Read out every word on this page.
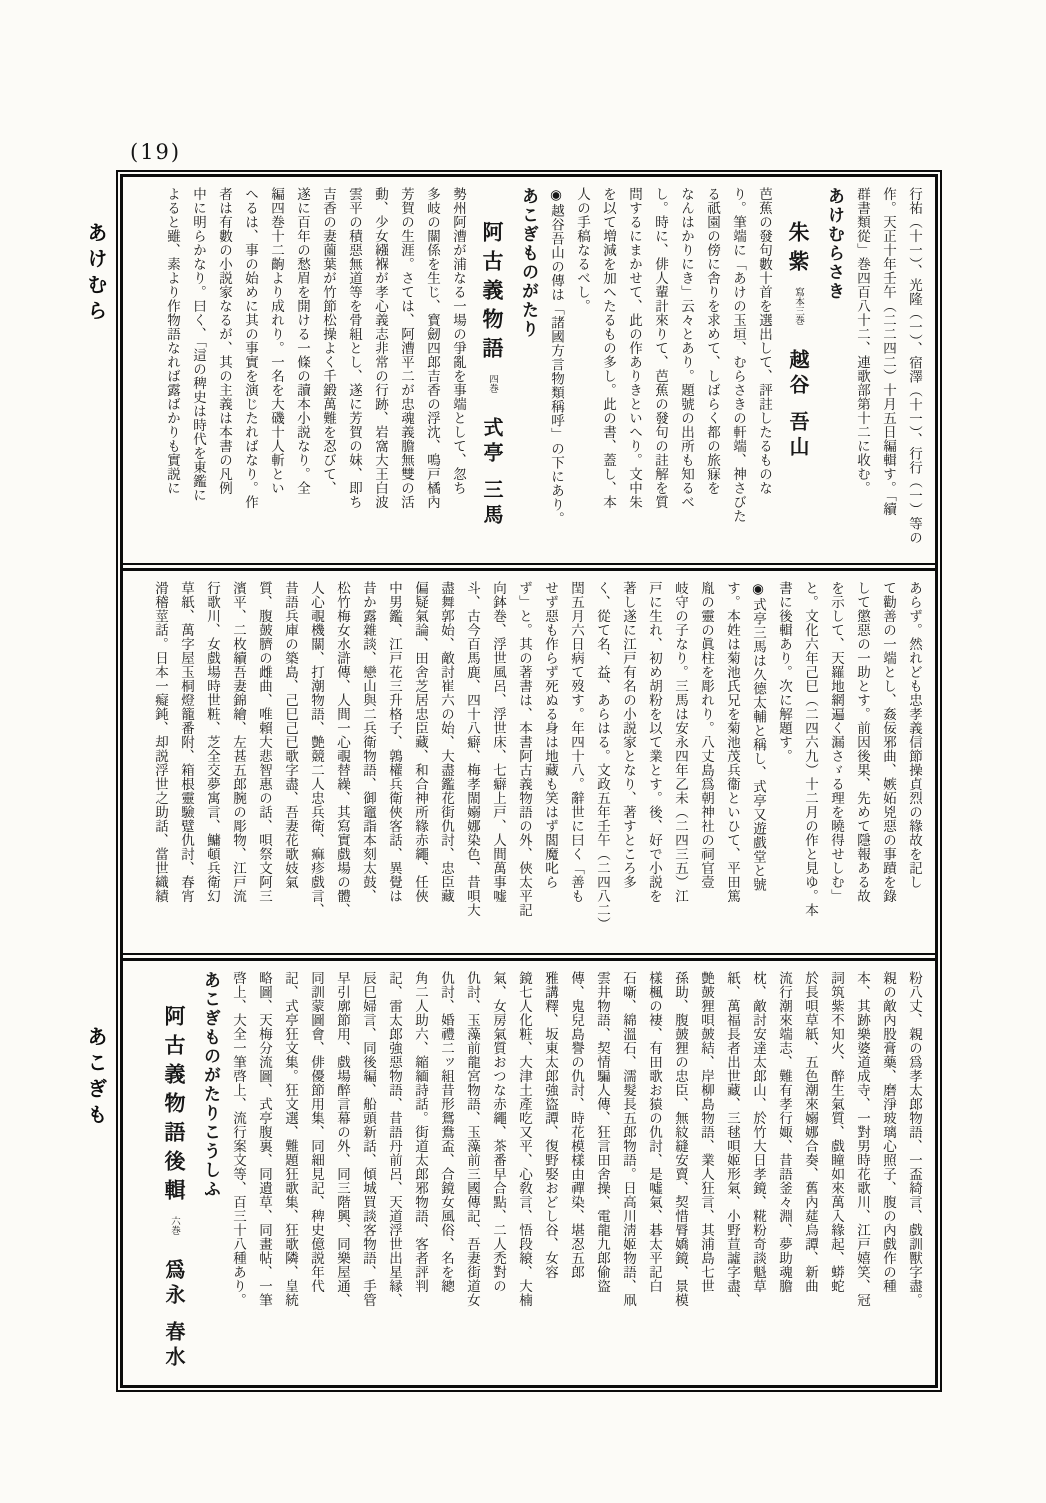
(19)
あけむら
あこぎも
行祐（十一）、光隆（一）、宿澤（十一）、行行（一）等の
作。天正十年壬午（二二四二）十月五日編輯す。「續
群書類從」巻四百八十二、連歌部第十二に收む。
あけむらさき
朱紫寫本三巻越谷 吾山
芭蕉の發句數十首を選出して、評註したるものな
り。筆端に「あけの玉垣、むらさきの軒端、神さびた
る祇園の傍に舎りを求めて、しばらく都の旅寐を
なんはかりにき」云々とあり。題號の出所も知るべ
し。時に、俳人輩計來りて、芭蕉の發句の註解を質
問するにまかせて、此の作ありきといへり。文中朱
を以て増減を加へたるもの多し。此の書、蓋し、本
人の手稿なるべし。
◉越谷吾山の傳は「諸國方言物類稱呼」の下にあり。
あこぎものがたり
阿古義物語四巻式亭 三馬
勢州阿漕が浦なる一場の爭亂を事端として、忽ち
多岐の關係を生じ、寳劒四郎吉香の浮沈、鳴戸橘內
芳賀の生涯。さては、阿漕平二が忠魂義膽無雙の活
動、少女繦褓が孝心義志非常の行跡、岩窩大王白波
雲平の積惡無道等を骨組とし、遂に芳賀の妹、即ち
吉香の妻薗葉が竹節松操よく千鍛萬難を忍びて、
遂に百年の愁眉を開ける一條の讀本小説なり。全
編四巻十二齣より成れり。一名を大磯十人斬とい
へるは、事の始めに其の事實を演じたればなり。作
者は有數の小説家なるが、其の主義は本書の凡例
中に明らかなり。曰く、「這の稗史は時代を東鑑に
よると雖、素より作物語なれば露ばかりも實説に
あらず。然れども忠孝義信節操貞烈の緣故を記し
て勸善の一端とし、姦佞邪曲、嫉妬兇惡の事蹟を錄
して懲惡の一助とす。前因後果、先めて隱報ある故
を示して、天羅地網遍く漏さゞる理を曉得せしむ」
と。文化六年己巳（二四六九）十二月の作と見ゆ。本
書に後輯あり。次に解題す。
◉式亭三馬は久德太輔と稱し、式亭又遊戲堂と號
す。本姓は菊池氏兄を菊池茂兵衞といひて、平田篤
胤の靈の眞柱を彫れり。八丈島爲朝神社の祠官壹
岐守の子なり。三馬は安永四年乙未（二四三五）江
戸に生れ、初め胡粉を以て業とす。後、好で小説を
著し遂に江戸有名の小説家となり、著すところ多
く、從て名、益、あらはる。文政五年壬午（二四八二）
閏五月六日病て歿す。年四十八。辭世に曰く「善も
せず惡も作らず死ぬる身は地藏も笑はず閻魔叱ら
ず」と。其の著書は、本書阿古義物語の外、俠太平記
向鉢巻、浮世風呂、浮世床、七癖上戸、人間萬事嘘
斗、古今百馬鹿、四十八癖、梅孝閙嫋娜染色、昔唄大
盡舞郭始、敵討崔六の始、大盡鑑花街仇討、忠臣藏
偏疑氣論、田舍芝居忠臣藏、和合神所緣赤繩、任俠
中男鑑、江戸花三升格子、鶉權兵衛俠客話、異覺は
昔か露雜談、戀山與二兵衛物語、御竈詣本刻太鼓、
松竹梅女水滸傳、人間一心覗替繰、其寫實戲場の體、
人心覗機關、打潮物語、艶競二人忠兵衛、痲疹戲言、
昔語兵庫の築島、己巳己已歌字盡、吾妻花歌妓氣
質、腹皷臍の雌曲、唯賴大悲智惠の話、唄祭文阿三
濱平、二枚續吾妻錦繪、左甚五郎腕の彫物、江戸流
行歌川、女戲場時世粧、芝全交夢寓言、鱅頓兵衛幻
草紙、萬字屋玉桐燈籠番附、箱根靈驗躄仇討、春宵
滑稽莖話。日本一癡鈍、却説浮世之助話、當世織績
粉八丈、親の爲孝太郎物語、一盃綺言、戲訓獸字盡。
親の敵內股膏藥、磨淨玻璃心照子、腹の內戲作の種
本、其跡樂婆道成寺、一對男時花歌川、江戸嬉笑、冠
詞筑紫不知火、醉生氣質、戲瞳如來萬入緣起、蟒蛇
於長唄草紙、五色潮來嫋娜合奏、舊內莚烏譚、新曲
流行潮來端志、難有孝行娵、昔語釜々淵、夢助魂膽
枕、敵討安達太郎山、於竹大日孝鏡、糀粉奇談魁草
紙、萬福長者出世藏、三毬唄姬形氣、小野荁譃字盡、
艶皷狸唄皷結、岸柳島物語、業人狂言、其浦島七世
孫助、腹皷狸の忠臣、無紋縫安賣、契惜脣嬌鏡、景模
樣楓の褄、有田歌お猿の仇討、是噓氣、碁太平記白
石噺、綿溫石、濡髮長五郎物語。日高川淸姬物語、凧
雲井物語、契情騙人傳、狂言田舍操、電龍九郎偷盜
傳、鬼兒島譽の仇討、時花模樣由禪染、堪忍五郎
雅講釋、坂東太郎強盜譚、復野娶おどし谷、女容
鏡七人化粧、大津土產吃又平、心敎言、悟段縗、大楠
氣、女房氣質おつな赤繩、茶番早合點、二人禿對の
仇討、玉藻前龍宮物語、玉藻前三國傳記、吾妻街道女
仇討、婚禮二ッ組昔形鴛鴦盃、合鏡女風俗、名を總
角二人助六、縮緬詩話。街道太郎邪物語、客者評判
記、雷太郎強惡物語、昔語丹前呂、天道浮世出星縁、
辰巳婦言、同後編、船頭新話、傾城買談客物語、手管
早引廓節用、戲場醉言幕の外、同三階興、同樂屋通、
同訓蒙圖會、俳優節用集、同細見記、稗史億説年代
記、式亭狂文集。狂文選、難題狂歌集、狂歌隣、皇統
略圖、天梅分流圖、式亭腹裏、同遺草、同畫帖、一筆
啓上、大全一筆啓上、流行案文等、百三十八種あり。
あこぎものがたりこうしふ
阿古義物語後輯六巻爲永 春水
